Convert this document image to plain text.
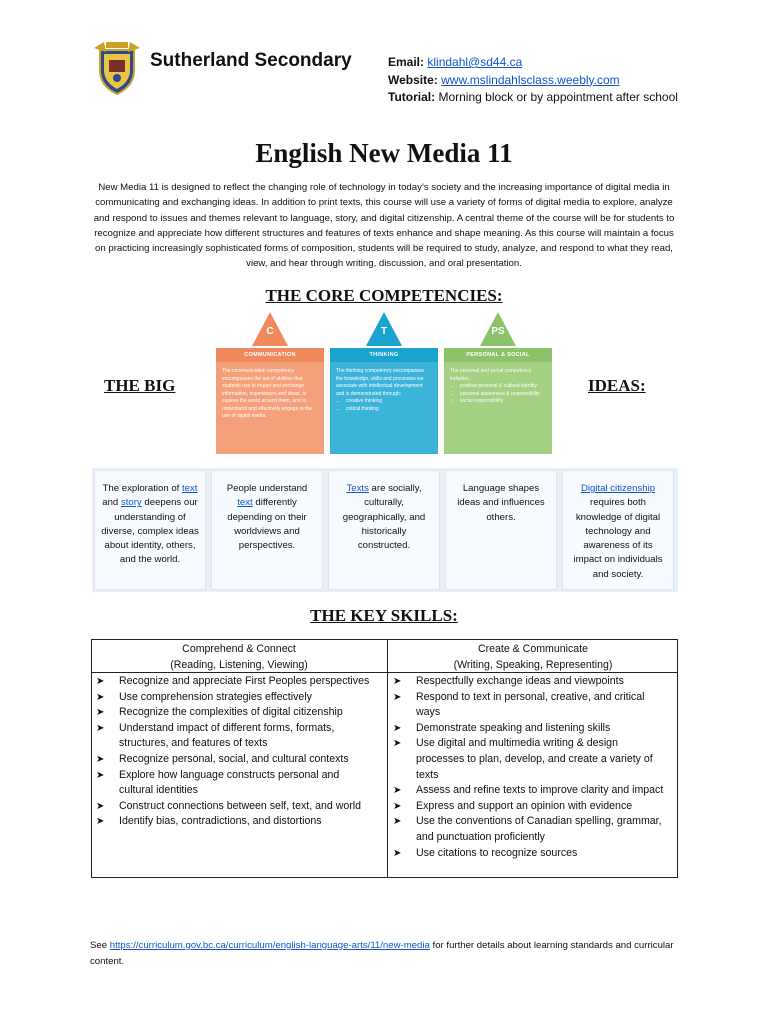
Sutherland Secondary	Email: klindahl@sd44.ca
Website: www.mslindahlsclass.weebly.com
Tutorial: Morning block or by appointment after school
English New Media 11
New Media 11 is designed to reflect the changing role of technology in today’s society and the increasing importance of digital media in communicating and exchanging ideas. In addition to print texts, this course will use a variety of forms of digital media to explore, analyze and respond to issues and themes relevant to language, story, and digital citizenship. A central theme of the course will be for students to recognize and appreciate how different structures and features of texts enhance and shape meaning. As this course will maintain a focus on practicing increasingly sophisticated forms of composition, students will be required to study, analyze, and respond to what they read, view, and hear through writing, discussion, and oral presentation.
THE CORE COMPETENCIES:
THE BIG	IDEAS:
C
COMMUNICATION
The communication competency encompasses the set of abilities that students use to impart and exchange information, experiences and ideas, to explore the world around them, and to understand and effectively engage in the use of digital media.
T
THINKING
The thinking competency encompasses the knowledge, skills and processes we associate with intellectual development and is demonstrated through:
• creative thinking
• critical thinking
PS
PERSONAL & SOCIAL
The personal and social competency includes:
• positive personal & cultural identity
• personal awareness & responsibility
• social responsibility
The exploration of text and story deepens our understanding of diverse, complex ideas about identity, others, and the world.
People understand text differently depending on their worldviews and perspectives.
Texts are socially, culturally, geographically, and historically constructed.
Language shapes ideas and influences others.
Digital citizenship requires both knowledge of digital technology and awareness of its impact on individuals and society.
THE KEY SKILLS:
Comprehend & Connect
(Reading, Listening, Viewing)
Create & Communicate
(Writing, Speaking, Representing)
➤ Recognize and appreciate First Peoples perspectives
➤ Use comprehension strategies effectively
➤ Recognize the complexities of digital citizenship
➤ Understand impact of different forms, formats, structures, and features of texts
➤ Recognize personal, social, and cultural contexts
➤ Explore how language constructs personal and cultural identities
➤ Construct connections between self, text, and world
➤ Identify bias, contradictions, and distortions
➤ Respectfully exchange ideas and viewpoints
➤ Respond to text in personal, creative, and critical ways
➤ Demonstrate speaking and listening skills
➤ Use digital and multimedia writing & design processes to plan, develop, and create a variety of texts
➤ Assess and refine texts to improve clarity and impact
➤ Express and support an opinion with evidence
➤ Use the conventions of Canadian spelling, grammar, and punctuation proficiently
➤ Use citations to recognize sources
See https://curriculum.gov.bc.ca/curriculum/english-language-arts/11/new-media for further details about learning standards and curricular content.
